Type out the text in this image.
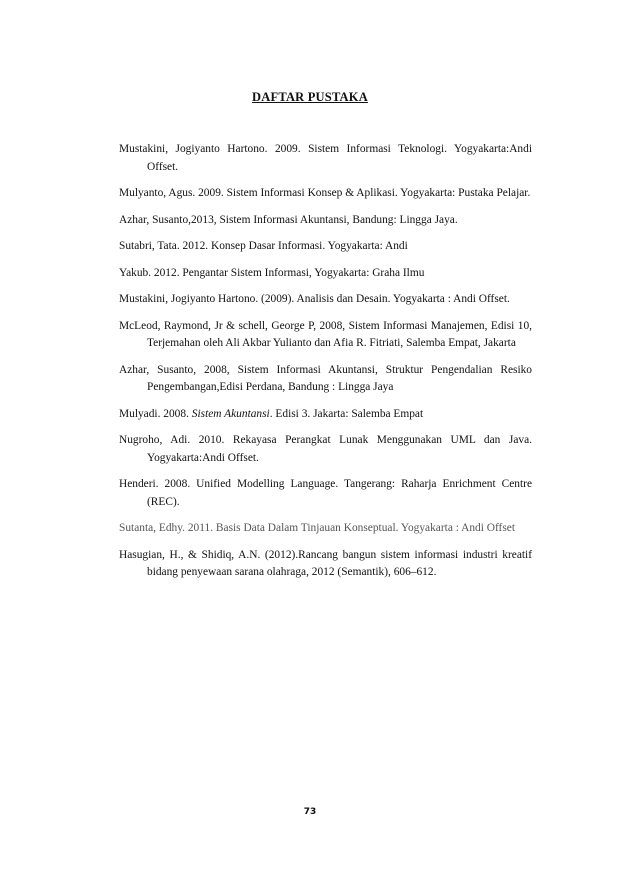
DAFTAR PUSTAKA
Mustakini, Jogiyanto Hartono. 2009. Sistem Informasi Teknologi. Yogyakarta:Andi Offset.
Mulyanto, Agus. 2009. Sistem Informasi Konsep & Aplikasi. Yogyakarta: Pustaka Pelajar.
Azhar, Susanto,2013, Sistem Informasi Akuntansi, Bandung: Lingga Jaya.
Sutabri, Tata. 2012. Konsep Dasar Informasi. Yogyakarta: Andi
Yakub. 2012. Pengantar Sistem Informasi, Yogyakarta: Graha Ilmu
Mustakini, Jogiyanto Hartono. (2009). Analisis dan Desain. Yogyakarta : Andi Offset.
McLeod, Raymond, Jr & schell, George P, 2008, Sistem Informasi Manajemen, Edisi 10, Terjemahan oleh Ali Akbar Yulianto dan Afia R. Fitriati, Salemba Empat, Jakarta
Azhar, Susanto, 2008, Sistem Informasi Akuntansi, Struktur Pengendalian Resiko Pengembangan,Edisi Perdana, Bandung : Lingga Jaya
Mulyadi. 2008. Sistem Akuntansi. Edisi 3. Jakarta: Salemba Empat
Nugroho, Adi. 2010. Rekayasa Perangkat Lunak Menggunakan UML dan Java. Yogyakarta:Andi Offset.
Henderi. 2008. Unified Modelling Language. Tangerang: Raharja Enrichment Centre (REC).
Sutanta, Edhy. 2011. Basis Data Dalam Tinjauan Konseptual. Yogyakarta : Andi Offset
Hasugian, H., & Shidiq, A.N. (2012).Rancang bangun sistem informasi industri kreatif bidang penyewaan sarana olahraga, 2012 (Semantik), 606–612.
73
